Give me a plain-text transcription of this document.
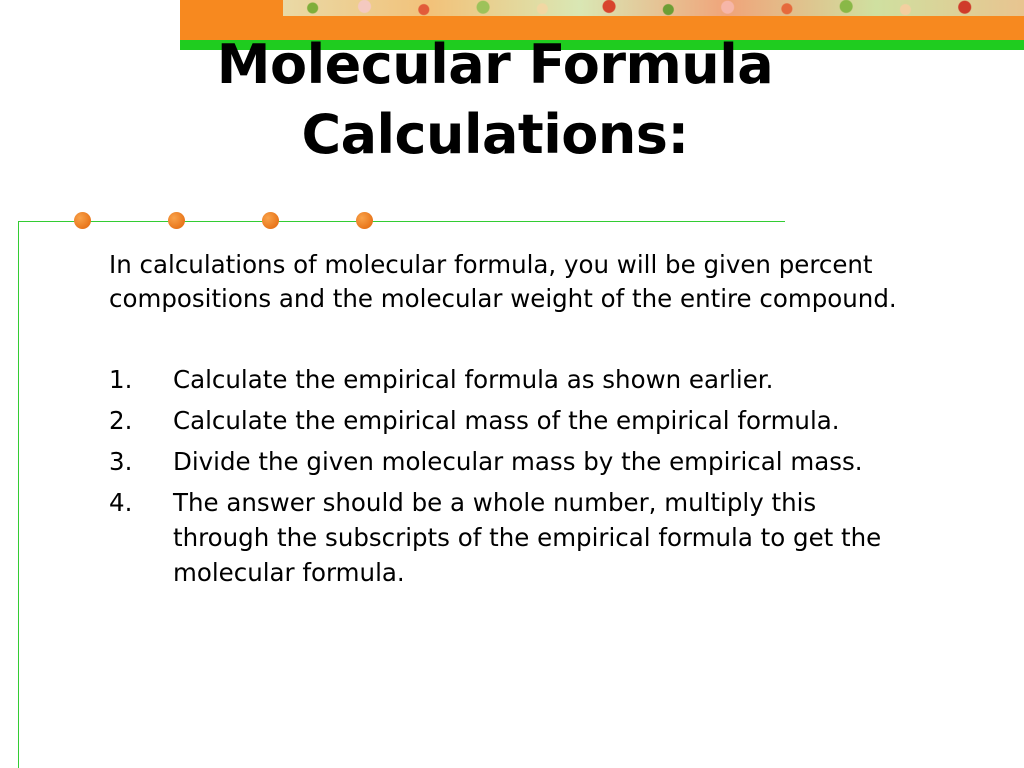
Molecular Formula
Calculations:

In calculations of molecular formula, you will be given percent
compositions and the molecular weight of the entire compound.

1. Calculate the empirical formula as shown earlier.
2. Calculate the empirical mass of the empirical formula.
3. Divide the given molecular mass by the empirical mass.
4. The answer should be a whole number, multiply this
through the subscripts of the empirical formula to get the
molecular formula.
